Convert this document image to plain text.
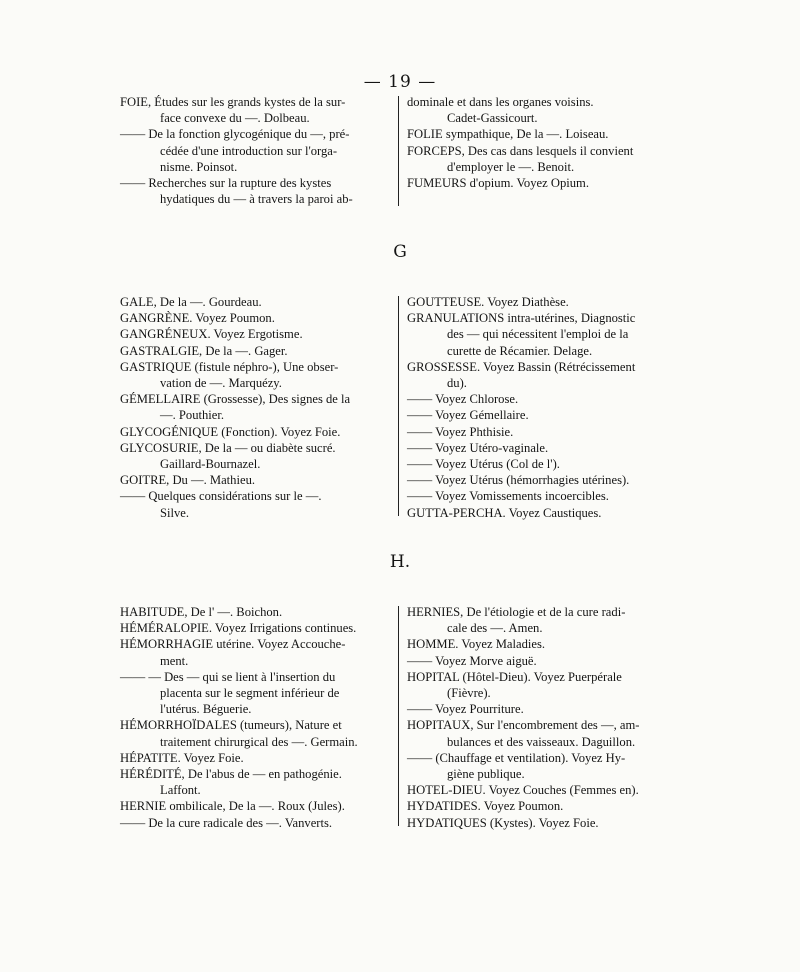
— 19 —
FOIE, Études sur les grands kystes de la sur-
face convexe du —. Dolbeau.
—— De la fonction glycogénique du —, pré-
cédée d'une introduction sur l'orga-
nisme. Poinsot.
—— Recherches sur la rupture des kystes
hydatiques du — à travers la paroi ab-
dominale et dans les organes voisins.
Cadet-Gassicourt.
FOLIE sympathique, De la —. Loiseau.
FORCEPS, Des cas dans lesquels il convient
d'employer le —. Benoit.
FUMEURS d'opium. Voyez Opium.
G
GALE, De la —. Gourdeau.
GANGRÈNE. Voyez Poumon.
GANGRÉNEUX. Voyez Ergotisme.
GASTRALGIE, De la —. Gager.
GASTRIQUE (fistule néphro-), Une obser-
vation de —. Marquézy.
GÉMELLAIRE (Grossesse), Des signes de la
—. Pouthier.
GLYCOGÉNIQUE (Fonction). Voyez Foie.
GLYCOSURIE, De la — ou diabète sucré.
Gaillard-Bournazel.
GOITRE, Du —. Mathieu.
—— Quelques considérations sur le —.
Silve.
GOUTTEUSE. Voyez Diathèse.
GRANULATIONS intra-utérines, Diagnostic
des — qui nécessitent l'emploi de la
curette de Récamier. Delage.
GROSSESSE. Voyez Bassin (Rétrécissement
du).
—— Voyez Chlorose.
—— Voyez Gémellaire.
—— Voyez Phthisie.
—— Voyez Utéro-vaginale.
—— Voyez Utérus (Col de l').
—— Voyez Utérus (hémorrhagies utérines).
—— Voyez Vomissements incoercibles.
GUTTA-PERCHA. Voyez Caustiques.
H.
HABITUDE, De l' —. Boichon.
HÉMÉRALOPIE. Voyez Irrigations continues.
HÉMORRHAGIE utérine. Voyez Accouche-
ment.
—— — Des — qui se lient à l'insertion du
placenta sur le segment inférieur de
l'utérus. Béguerie.
HÉMORRHOÏDALES (tumeurs), Nature et
traitement chirurgical des —. Germain.
HÉPATITE. Voyez Foie.
HÉRÉDITÉ, De l'abus de — en pathogénie.
Laffont.
HERNIE ombilicale, De la —. Roux (Jules).
—— De la cure radicale des —. Vanverts.
HERNIES, De l'étiologie et de la cure radi-
cale des —. Amen.
HOMME. Voyez Maladies.
—— Voyez Morve aiguë.
HOPITAL (Hôtel-Dieu). Voyez Puerpérale
(Fièvre).
—— Voyez Pourriture.
HOPITAUX, Sur l'encombrement des —, am-
bulances et des vaisseaux. Daguillon.
—— (Chauffage et ventilation). Voyez Hy-
giène publique.
HOTEL-DIEU. Voyez Couches (Femmes en).
HYDATIDES. Voyez Poumon.
HYDATIQUES (Kystes). Voyez Foie.
